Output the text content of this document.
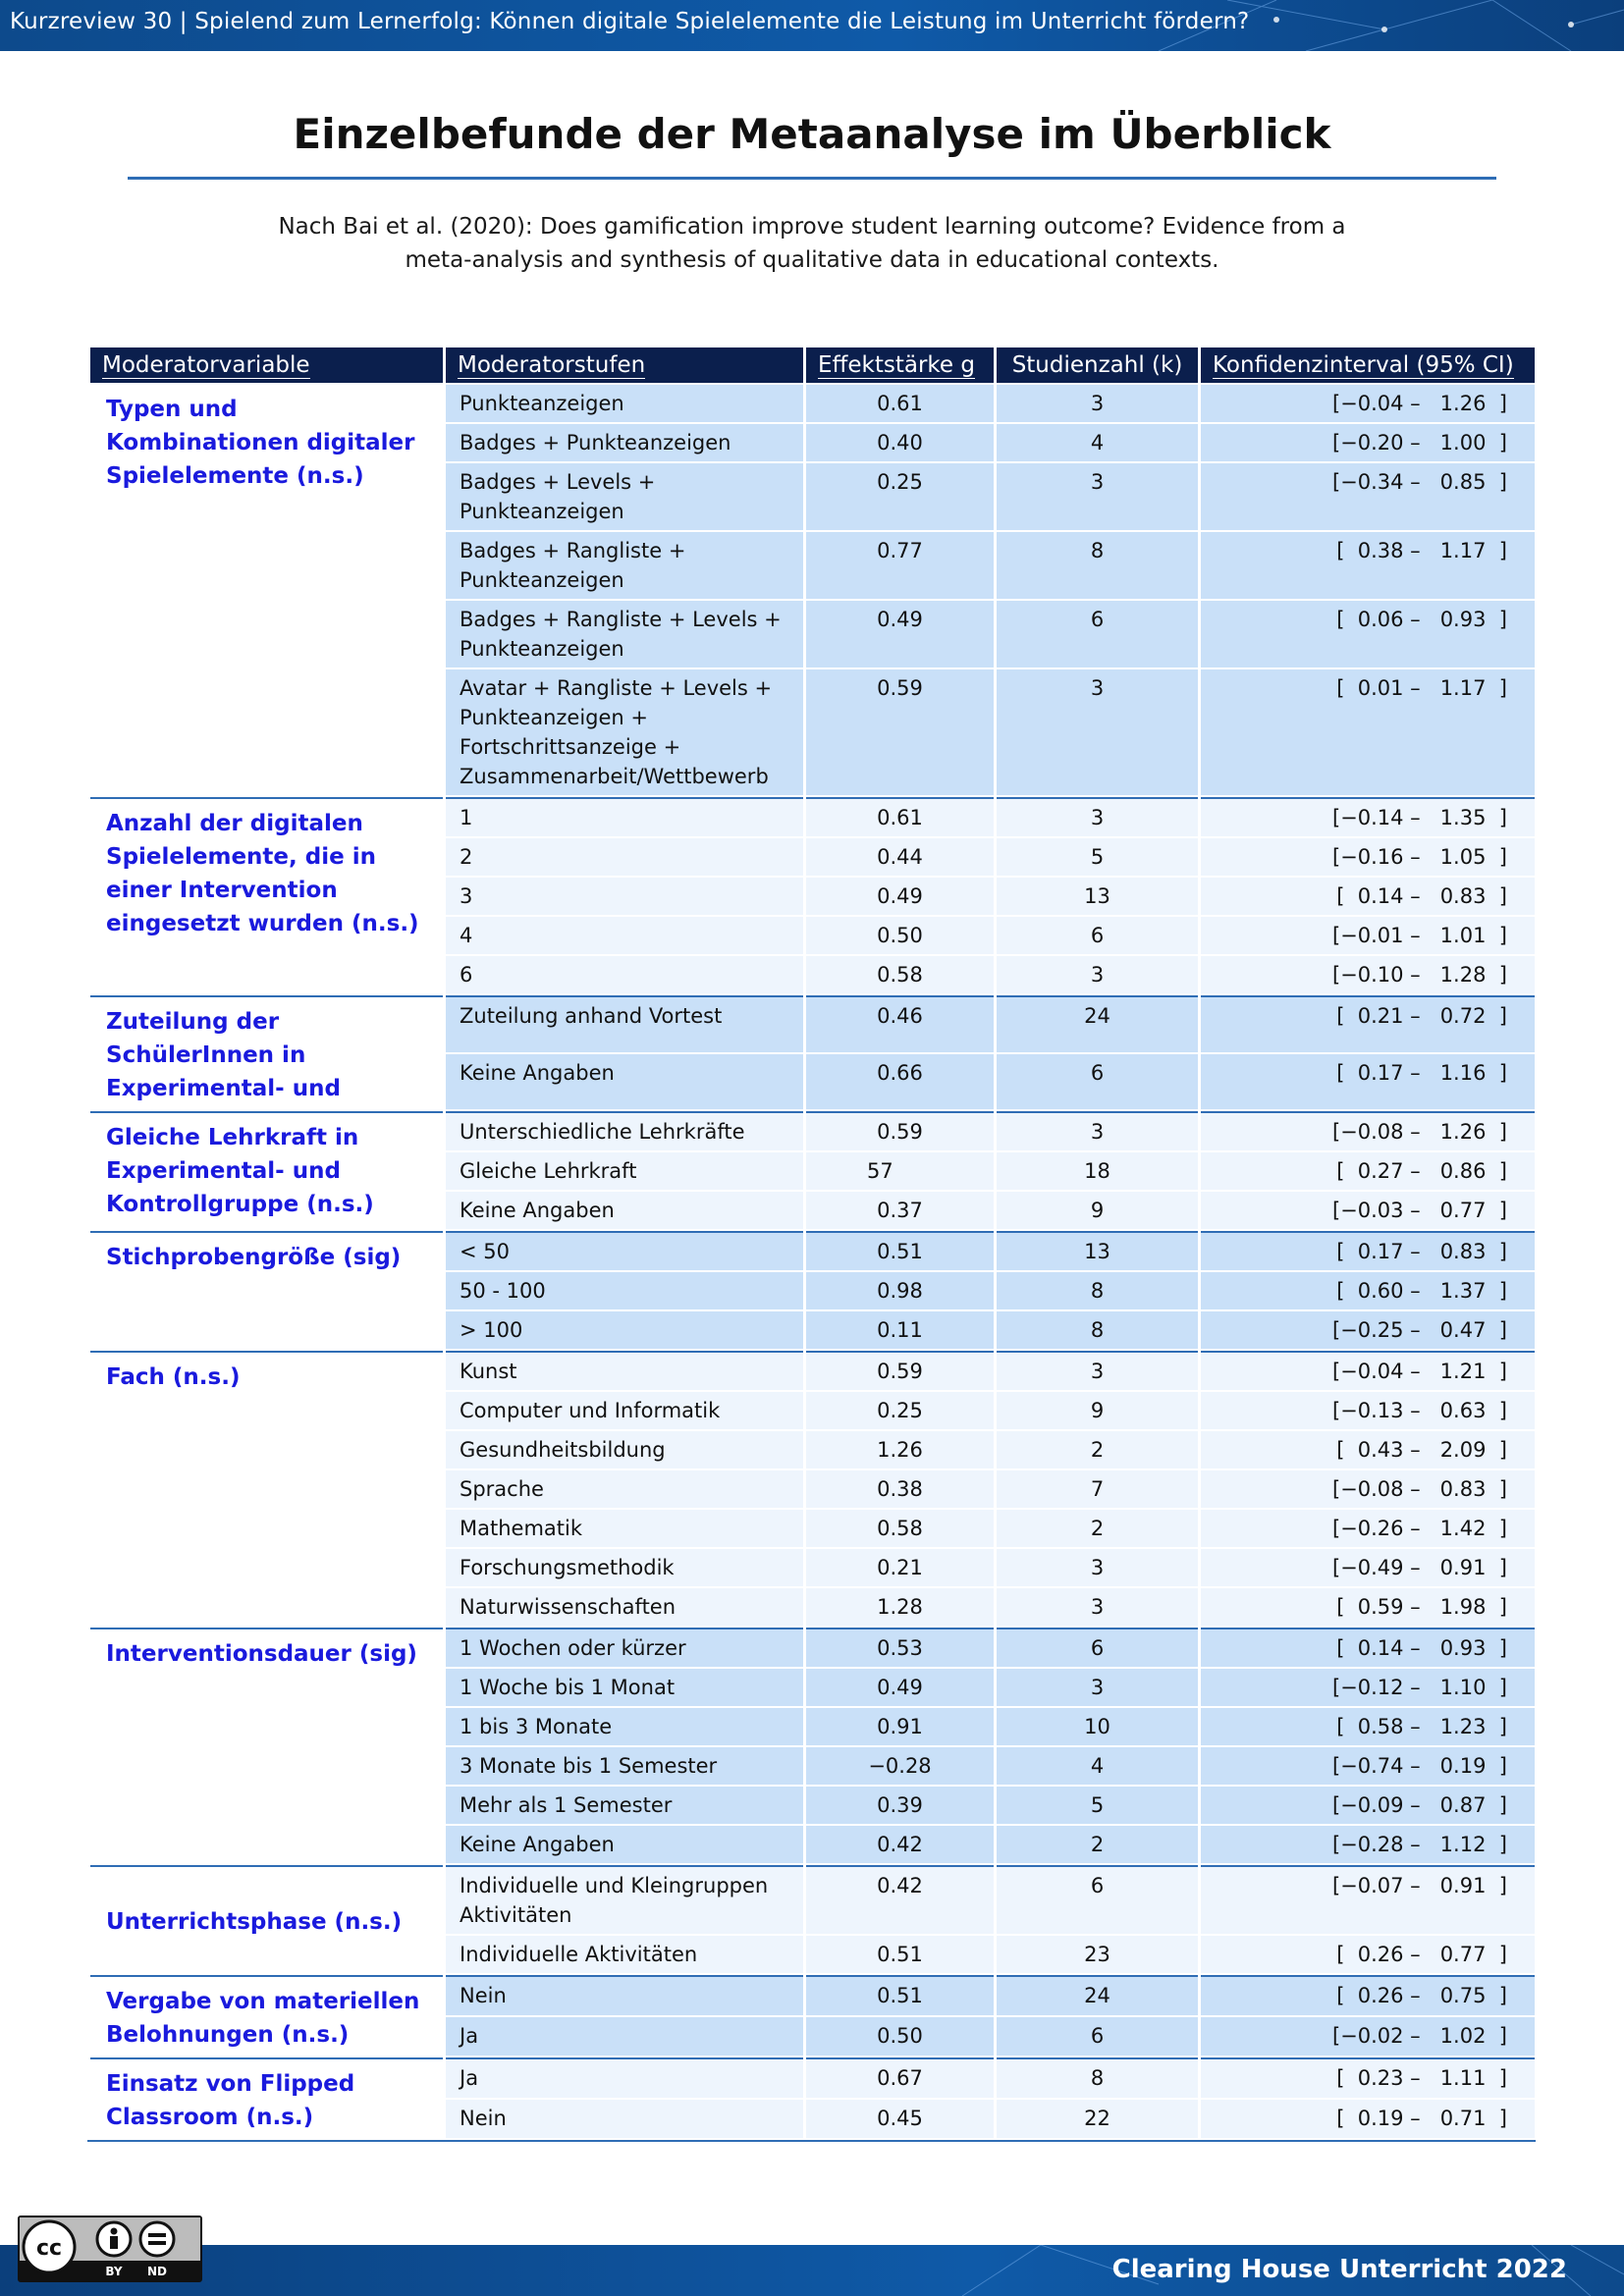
Kurzreview 30 | Spielend zum Lernerfolg: Können digitale Spielelemente die Leistung im Unterricht fördern?
Einzelbefunde der Metaanalyse im Überblick
Nach Bai et al. (2020): Does gamification improve student learning outcome? Evidence from a
meta-analysis and synthesis of qualitative data in educational contexts.
Moderatorvariable	Moderatorstufen	Effektstärke g	Studienzahl (k)	Konfidenzinterval (95% CI)
Typen und Kombinationen digitaler Spielelemente (n.s.)	Punkteanzeigen	0.61	3	[−0.04 –   1.26  ]
	Badges + Punkteanzeigen	0.40	4	[−0.20 –   1.00  ]
	Badges + Levels + Punkteanzeigen	0.25	3	[−0.34 –   0.85  ]
	Badges + Rangliste + Punkteanzeigen	0.77	8	[  0.38 –   1.17  ]
	Badges + Rangliste + Levels + Punkteanzeigen	0.49	6	[  0.06 –   0.93  ]
	Avatar + Rangliste + Levels + Punkteanzeigen + Fortschrittsanzeige + Zusammenarbeit/Wettbewerb	0.59	3	[  0.01 –   1.17  ]
Anzahl der digitalen Spielelemente, die in einer Intervention eingesetzt wurden (n.s.)	1	0.61	3	[−0.14 –   1.35  ]
	2	0.44	5	[−0.16 –   1.05  ]
	3	0.49	13	[  0.14 –   0.83  ]
	4	0.50	6	[−0.01 –   1.01  ]
	6	0.58	3	[−0.10 –   1.28  ]
Zuteilung der SchülerInnen in Experimental- und	Zuteilung anhand Vortest	0.46	24	[  0.21 –   0.72  ]
	Keine Angaben	0.66	6	[  0.17 –   1.16  ]
Gleiche Lehrkraft in Experimental- und Kontrollgruppe (n.s.)	Unterschiedliche Lehrkräfte	0.59	3	[−0.08 –   1.26  ]
	Gleiche Lehrkraft	57	18	[  0.27 –   0.86  ]
	Keine Angaben	0.37	9	[−0.03 –   0.77  ]
Stichprobengröße (sig)	< 50	0.51	13	[  0.17 –   0.83  ]
	50 - 100	0.98	8	[  0.60 –   1.37  ]
	> 100	0.11	8	[−0.25 –   0.47  ]
Fach (n.s.)	Kunst	0.59	3	[−0.04 –   1.21  ]
	Computer und Informatik	0.25	9	[−0.13 –   0.63  ]
	Gesundheitsbildung	1.26	2	[  0.43 –   2.09  ]
	Sprache	0.38	7	[−0.08 –   0.83  ]
	Mathematik	0.58	2	[−0.26 –   1.42  ]
	Forschungsmethodik	0.21	3	[−0.49 –   0.91  ]
	Naturwissenschaften	1.28	3	[  0.59 –   1.98  ]
Interventionsdauer (sig)	1 Wochen oder kürzer	0.53	6	[  0.14 –   0.93  ]
	1 Woche bis 1 Monat	0.49	3	[−0.12 –   1.10  ]
	1 bis 3 Monate	0.91	10	[  0.58 –   1.23  ]
	3 Monate bis 1 Semester	−0.28	4	[−0.74 –   0.19  ]
	Mehr als 1 Semester	0.39	5	[−0.09 –   0.87  ]
	Keine Angaben	0.42	2	[−0.28 –   1.12  ]
Unterrichtsphase (n.s.)	Individuelle und Kleingruppen Aktivitäten	0.42	6	[−0.07 –   0.91  ]
	Individuelle Aktivitäten	0.51	23	[  0.26 –   0.77  ]
Vergabe von materiellen Belohnungen (n.s.)	Nein	0.51	24	[  0.26 –   0.75  ]
	Ja	0.50	6	[−0.02 –   1.02  ]
Einsatz von Flipped Classroom (n.s.)	Ja	0.67	8	[  0.23 –   1.11  ]
	Nein	0.45	22	[  0.19 –   0.71  ]
Clearing House Unterricht 2022
cc
BY ND
